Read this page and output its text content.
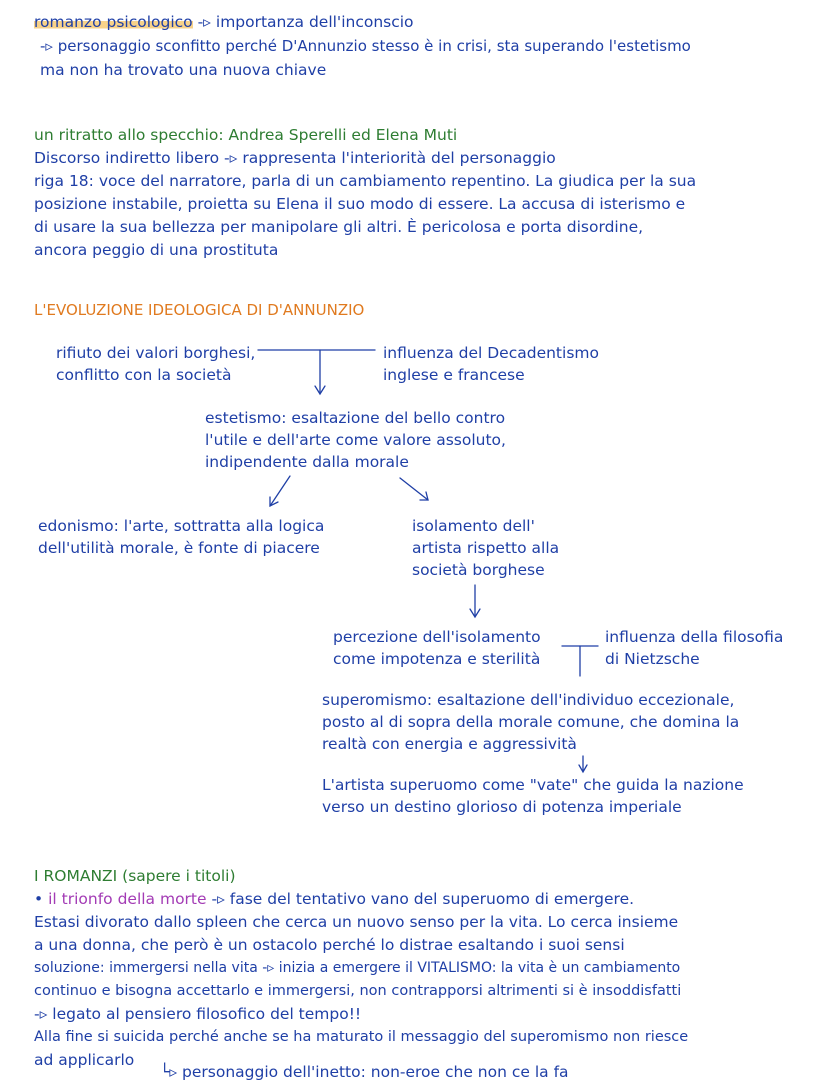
romanzo psicologico -▹ importanza dell'inconscio
-▹ personaggio sconfitto perché D'Annunzio stesso è in crisi, sta superando l'estetismo
ma non ha trovato una nuova chiave
un ritratto allo specchio: Andrea Sperelli ed Elena Muti
Discorso indiretto libero -▹ rappresenta l'interiorità del personaggio
riga 18: voce del narratore, parla di un cambiamento repentino. La giudica per la sua
posizione instabile, proietta su Elena il suo modo di essere. La accusa di isterismo e
di usare la sua bellezza per manipolare gli altri. È pericolosa e porta disordine,
ancora peggio di una prostituta
L'EVOLUZIONE IDEOLOGICA DI D'ANNUNZIO
rifiuto dei valori borghesi,
conflitto con la società
influenza del Decadentismo
inglese e francese
estetismo: esaltazione del bello contro
l'utile e dell'arte come valore assoluto,
indipendente dalla morale
edonismo: l'arte, sottratta alla logica
dell'utilità morale, è fonte di piacere
isolamento dell'
artista rispetto alla
società borghese
percezione dell'isolamento
come impotenza e sterilità
influenza della filosofia
di Nietzsche
superomismo: esaltazione dell'individuo eccezionale,
posto al di sopra della morale comune, che domina la
realtà con energia e aggressività
L'artista superuomo come "vate" che guida la nazione
verso un destino glorioso di potenza imperiale
I ROMANZI (sapere i titoli)
• il trionfo della morte -▹ fase del tentativo vano del superuomo di emergere.
Estasi divorato dallo spleen che cerca un nuovo senso per la vita. Lo cerca insieme
a una donna, che però è un ostacolo perché lo distrae esaltando i suoi sensi
soluzione: immergersi nella vita -▹ inizia a emergere il VITALISMO: la vita è un cambiamento
continuo e bisogna accettarlo e immergersi, non contrapporsi altrimenti si è insoddisfatti
-▹ legato al pensiero filosofico del tempo!!
Alla fine si suicida perché anche se ha maturato il messaggio del superomismo non riesce
ad applicarlo
└▹ personaggio dell'inetto: non-eroe che non ce la fa
